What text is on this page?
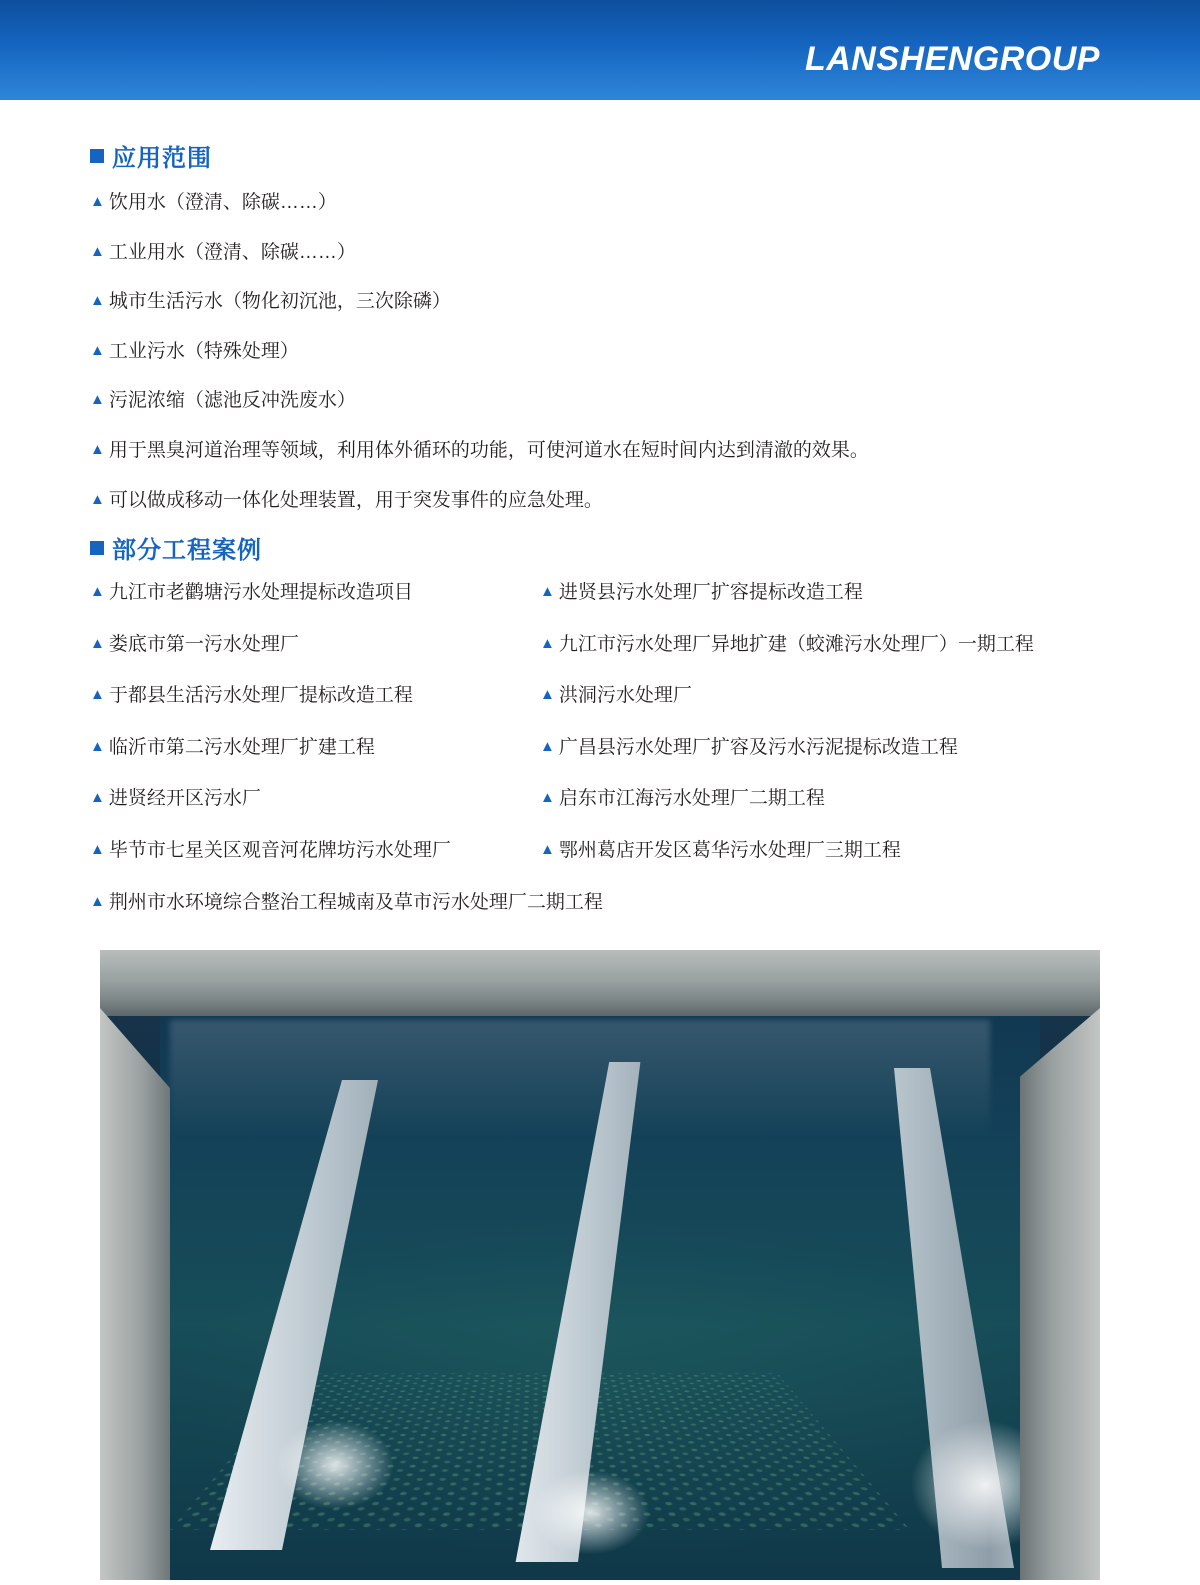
LANSHENGROUP
应用范围
▲ 饮用水（澄清、除碳……）
▲ 工业用水（澄清、除碳……）
▲ 城市生活污水（物化初沉池，三次除磷）
▲ 工业污水（特殊处理）
▲ 污泥浓缩（滤池反冲洗废水）
▲ 用于黑臭河道治理等领域，利用体外循环的功能，可使河道水在短时间内达到清澈的效果。
▲ 可以做成移动一体化处理装置，用于突发事件的应急处理。
部分工程案例
▲ 九江市老鹳塘污水处理提标改造项目	▲ 进贤县污水处理厂扩容提标改造工程
▲ 娄底市第一污水处理厂	▲ 九江市污水处理厂异地扩建（蛟滩污水处理厂）一期工程
▲ 于都县生活污水处理厂提标改造工程	▲ 洪洞污水处理厂
▲ 临沂市第二污水处理厂扩建工程	▲ 广昌县污水处理厂扩容及污水污泥提标改造工程
▲ 进贤经开区污水厂	▲ 启东市江海污水处理厂二期工程
▲ 毕节市七星关区观音河花牌坊污水处理厂	▲ 鄂州葛店开发区葛华污水处理厂三期工程
▲ 荆州市水环境综合整治工程城南及草市污水处理厂二期工程
